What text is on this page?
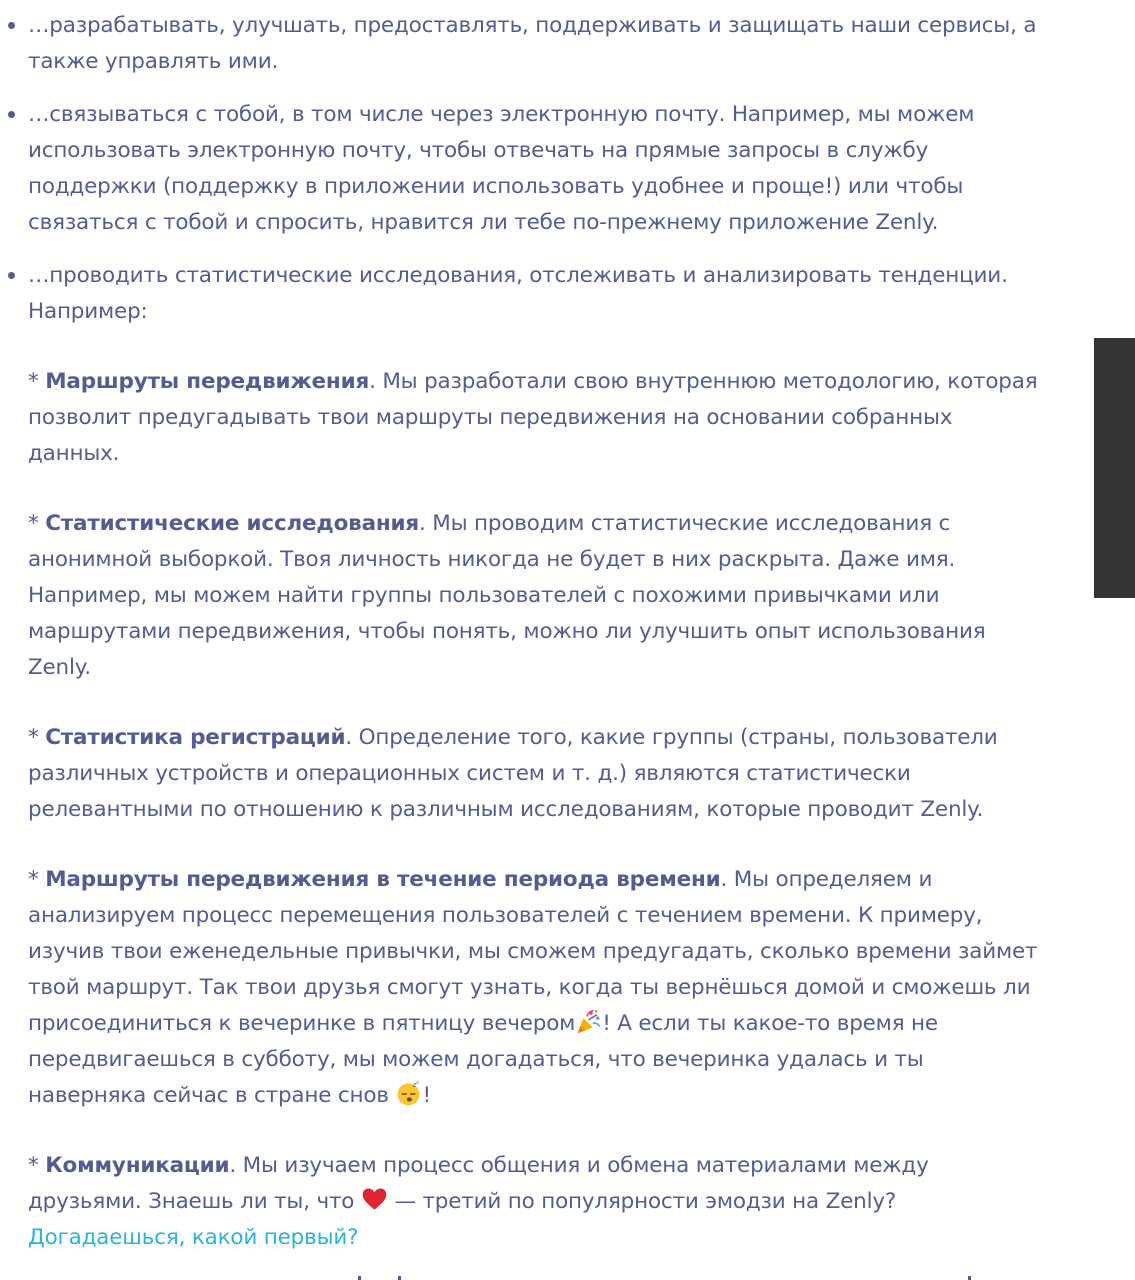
…разрабатывать, улучшать, предоставлять, поддерживать и защищать наши сервисы, а также управлять ими.
…связываться с тобой, в том числе через электронную почту. Например, мы можем использовать электронную почту, чтобы отвечать на прямые запросы в службу поддержки (поддержку в приложении использовать удобнее и проще!) или чтобы связаться с тобой и спросить, нравится ли тебе по-прежнему приложение Zenly.
…проводить статистические исследования, отслеживать и анализировать тенденции. Например:
* Маршруты передвижения. Мы разработали свою внутреннюю методологию, которая позволит предугадывать твои маршруты передвижения на основании собранных данных.
* Статистические исследования. Мы проводим статистические исследования с анонимной выборкой. Твоя личность никогда не будет в них раскрыта. Даже имя. Например, мы можем найти группы пользователей с похожими привычками или маршрутами передвижения, чтобы понять, можно ли улучшить опыт использования Zenly.
* Статистика регистраций. Определение того, какие группы (страны, пользователи различных устройств и операционных систем и т. д.) являются статистически релевантными по отношению к различным исследованиям, которые проводит Zenly.
* Маршруты передвижения в течение периода времени. Мы определяем и анализируем процесс перемещения пользователей с течением времени. К примеру, изучив твои еженедельные привычки, мы сможем предугадать, сколько времени займет твой маршрут. Так твои друзья смогут узнать, когда ты вернёшься домой и сможешь ли присоединиться к вечеринке в пятницу вечером ! А если ты какое-то время не передвигаешься в субботу, мы можем догадаться, что вечеринка удалась и ты наверняка сейчас в стране снов z z !
* Коммуникации. Мы изучаем процесс общения и обмена материалами между друзьями. Знаешь ли ты, что  — третий по популярности эмодзи на Zenly?
Догадаешься, какой первый?
